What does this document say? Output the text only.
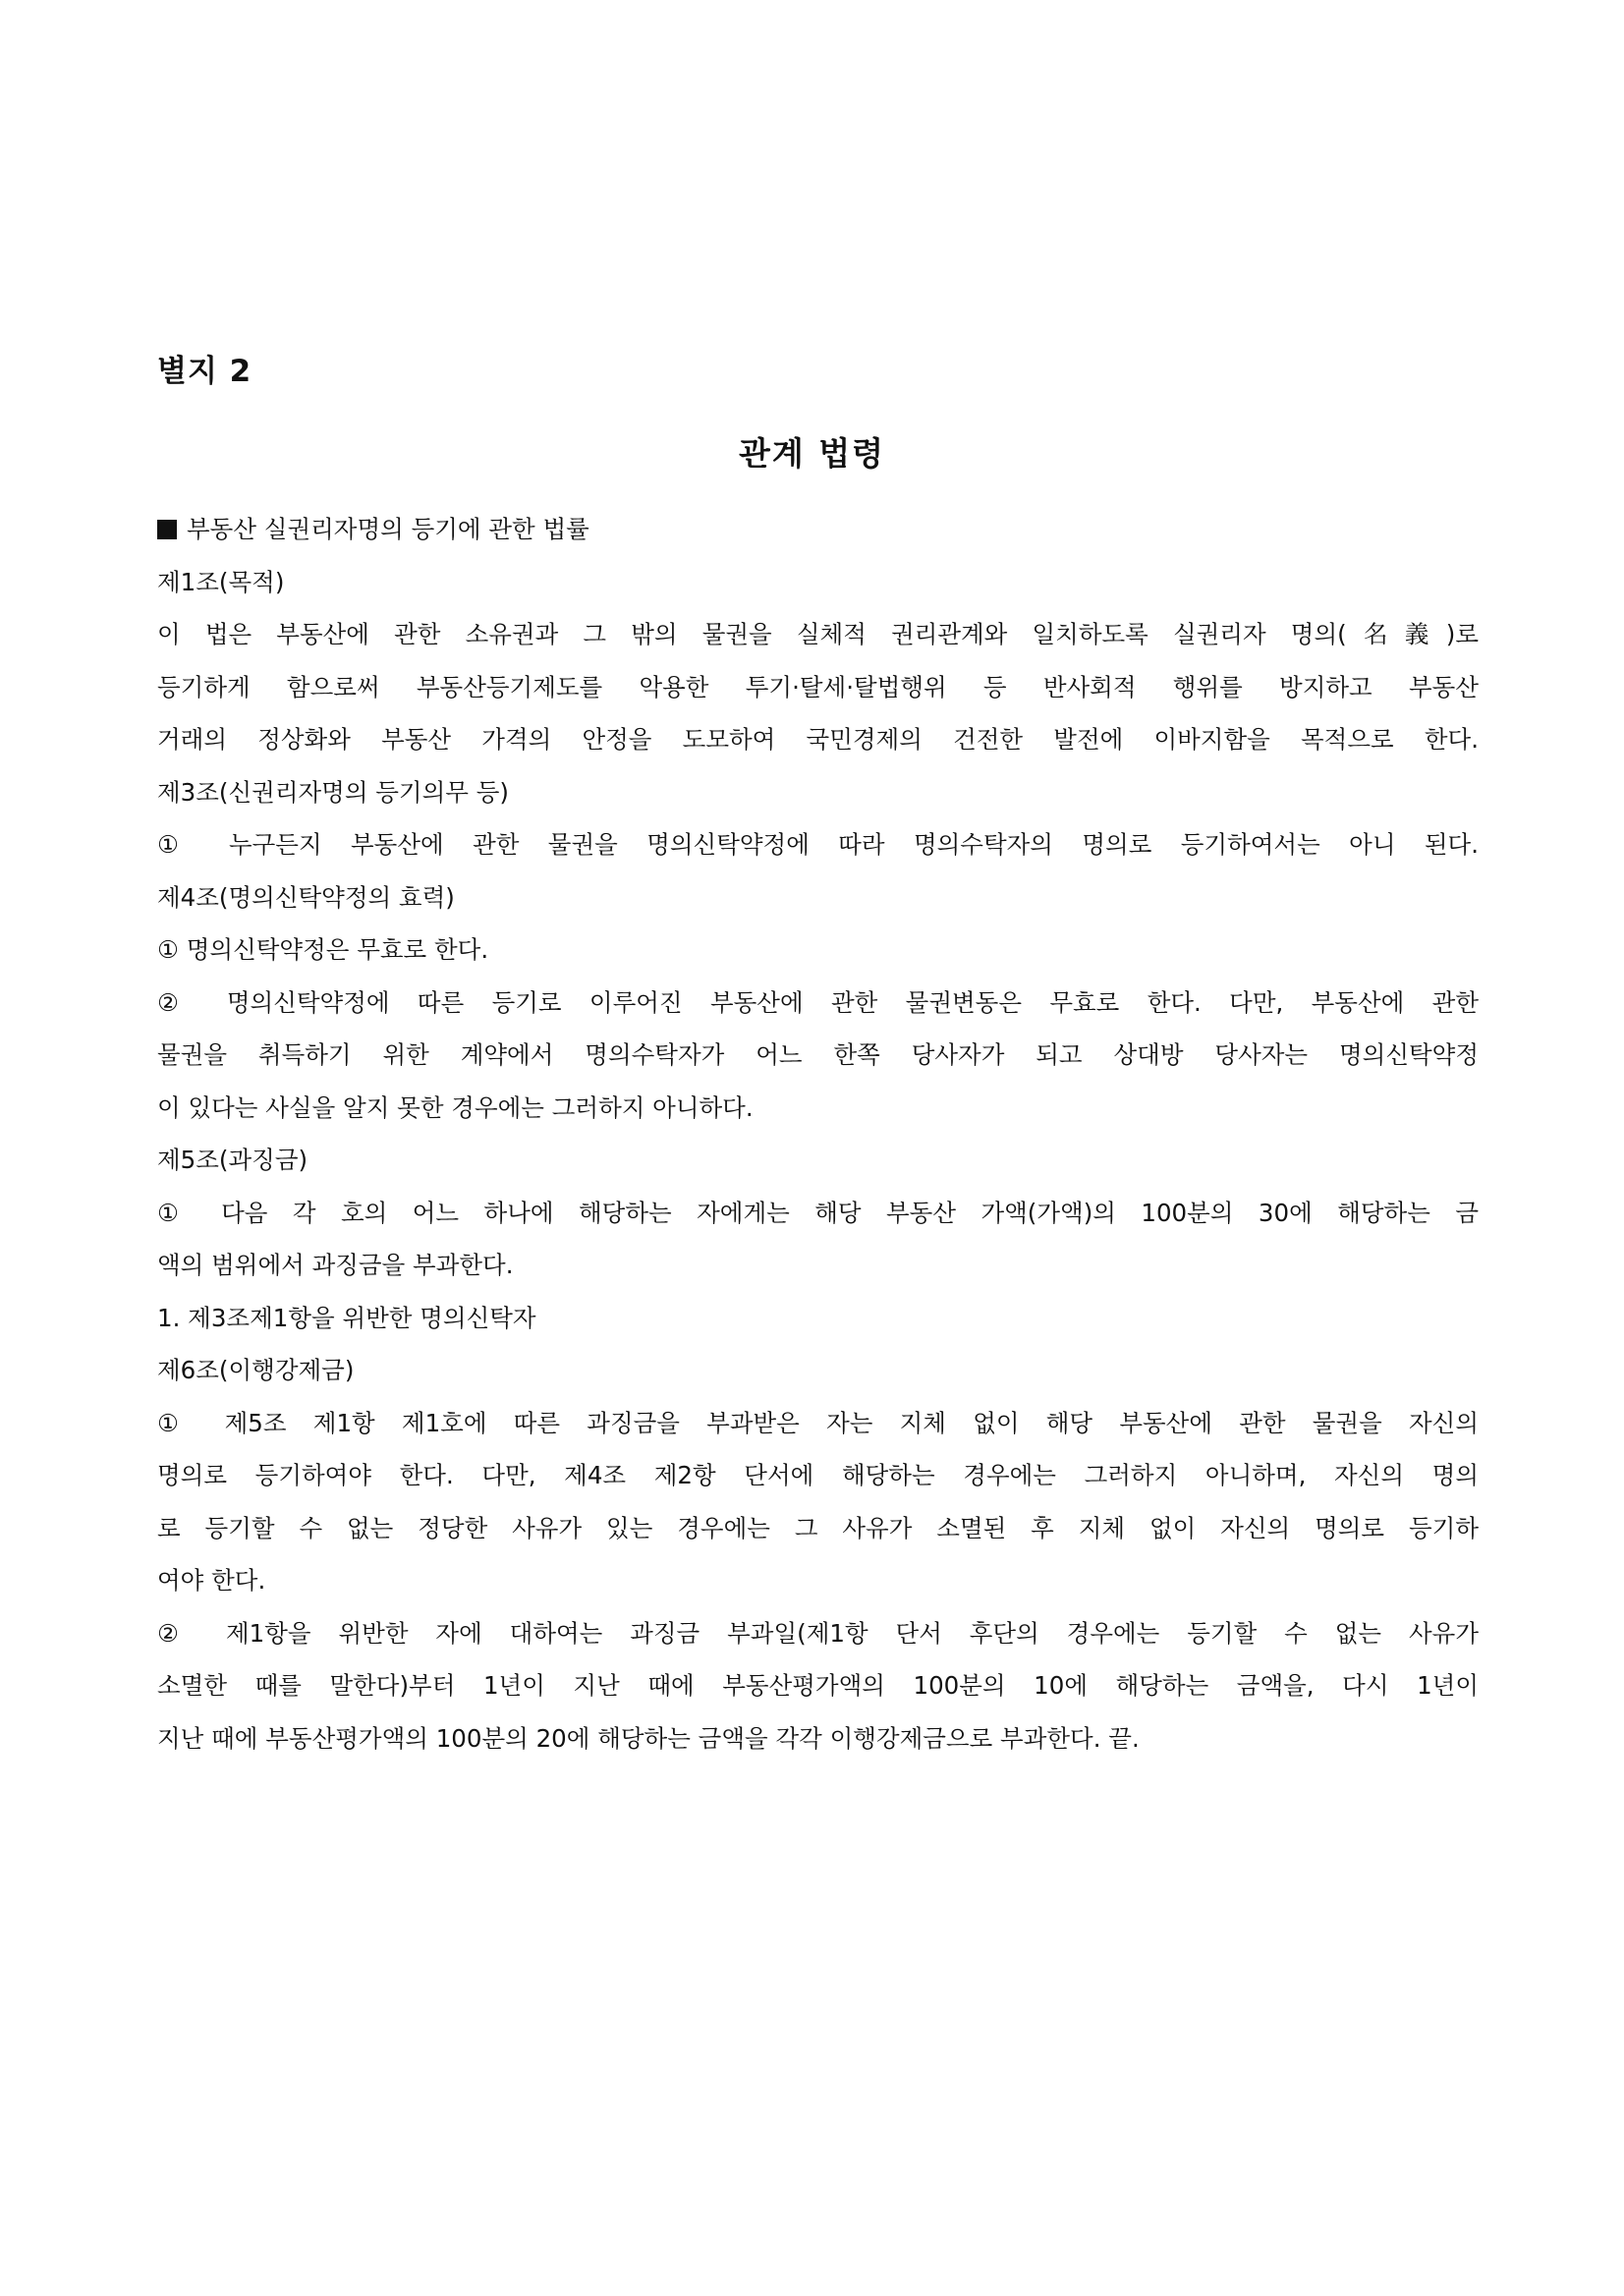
별지 2
관계 법령
부동산 실권리자명의 등기에 관한 법률
제1조(목적)
이 법은 부동산에 관한 소유권과 그 밖의 물권을 실체적 권리관계와 일치하도록 실권리자 명의(名義)로
등기하게 함으로써 부동산등기제도를 악용한 투기·탈세·탈법행위 등 반사회적 행위를 방지하고 부동산
거래의 정상화와 부동산 가격의 안정을 도모하여 국민경제의 건전한 발전에 이바지함을 목적으로 한다.
제3조(신권리자명의 등기의무 등)
① 누구든지 부동산에 관한 물권을 명의신탁약정에 따라 명의수탁자의 명의로 등기하여서는 아니 된다.
제4조(명의신탁약정의 효력)
① 명의신탁약정은 무효로 한다.
② 명의신탁약정에 따른 등기로 이루어진 부동산에 관한 물권변동은 무효로 한다. 다만, 부동산에 관한
물권을 취득하기 위한 계약에서 명의수탁자가 어느 한쪽 당사자가 되고 상대방 당사자는 명의신탁약정
이 있다는 사실을 알지 못한 경우에는 그러하지 아니하다.
제5조(과징금)
① 다음 각 호의 어느 하나에 해당하는 자에게는 해당 부동산 가액(가액)의 100분의 30에 해당하는 금
액의 범위에서 과징금을 부과한다.
1. 제3조제1항을 위반한 명의신탁자
제6조(이행강제금)
① 제5조 제1항 제1호에 따른 과징금을 부과받은 자는 지체 없이 해당 부동산에 관한 물권을 자신의
명의로 등기하여야 한다. 다만, 제4조 제2항 단서에 해당하는 경우에는 그러하지 아니하며, 자신의 명의
로 등기할 수 없는 정당한 사유가 있는 경우에는 그 사유가 소멸된 후 지체 없이 자신의 명의로 등기하
여야 한다.
② 제1항을 위반한 자에 대하여는 과징금 부과일(제1항 단서 후단의 경우에는 등기할 수 없는 사유가
소멸한 때를 말한다)부터 1년이 지난 때에 부동산평가액의 100분의 10에 해당하는 금액을, 다시 1년이
지난 때에 부동산평가액의 100분의 20에 해당하는 금액을 각각 이행강제금으로 부과한다. 끝.
